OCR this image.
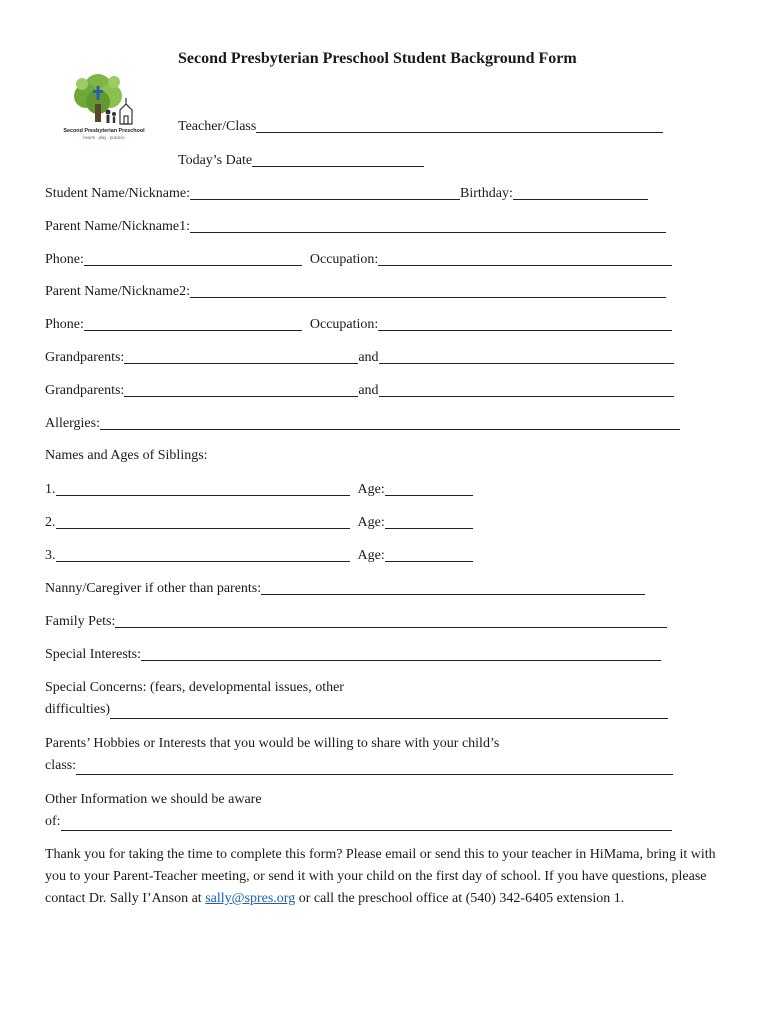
Second Presbyterian Preschool
hearts · play · practice
Second Presbyterian Preschool Student Background Form
Teacher/Class
Today’s Date
Student Name/Nickname:	Birthday:
Parent Name/Nickname1:
Phone:	Occupation:
Parent Name/Nickname2:
Phone:	Occupation:
Grandparents:	and
Grandparents:	and
Allergies:
Names and Ages of Siblings:
1.	Age:
2.	Age:
3.	Age:
Nanny/Caregiver if other than parents:
Family Pets:
Special Interests:
Special Concerns: (fears, developmental issues, other
difficulties)
Parents’ Hobbies or Interests that you would be willing to share with your child’s
class:
Other Information we should be aware
of:
Thank you for taking the time to complete this form? Please email or send this to your teacher in HiMama, bring it with you to your Parent-Teacher meeting, or send it with your child on the first day of school. If you have questions, please contact Dr. Sally I’Anson at sally@spres.org or call the preschool office at (540) 342-6405 extension 1.
